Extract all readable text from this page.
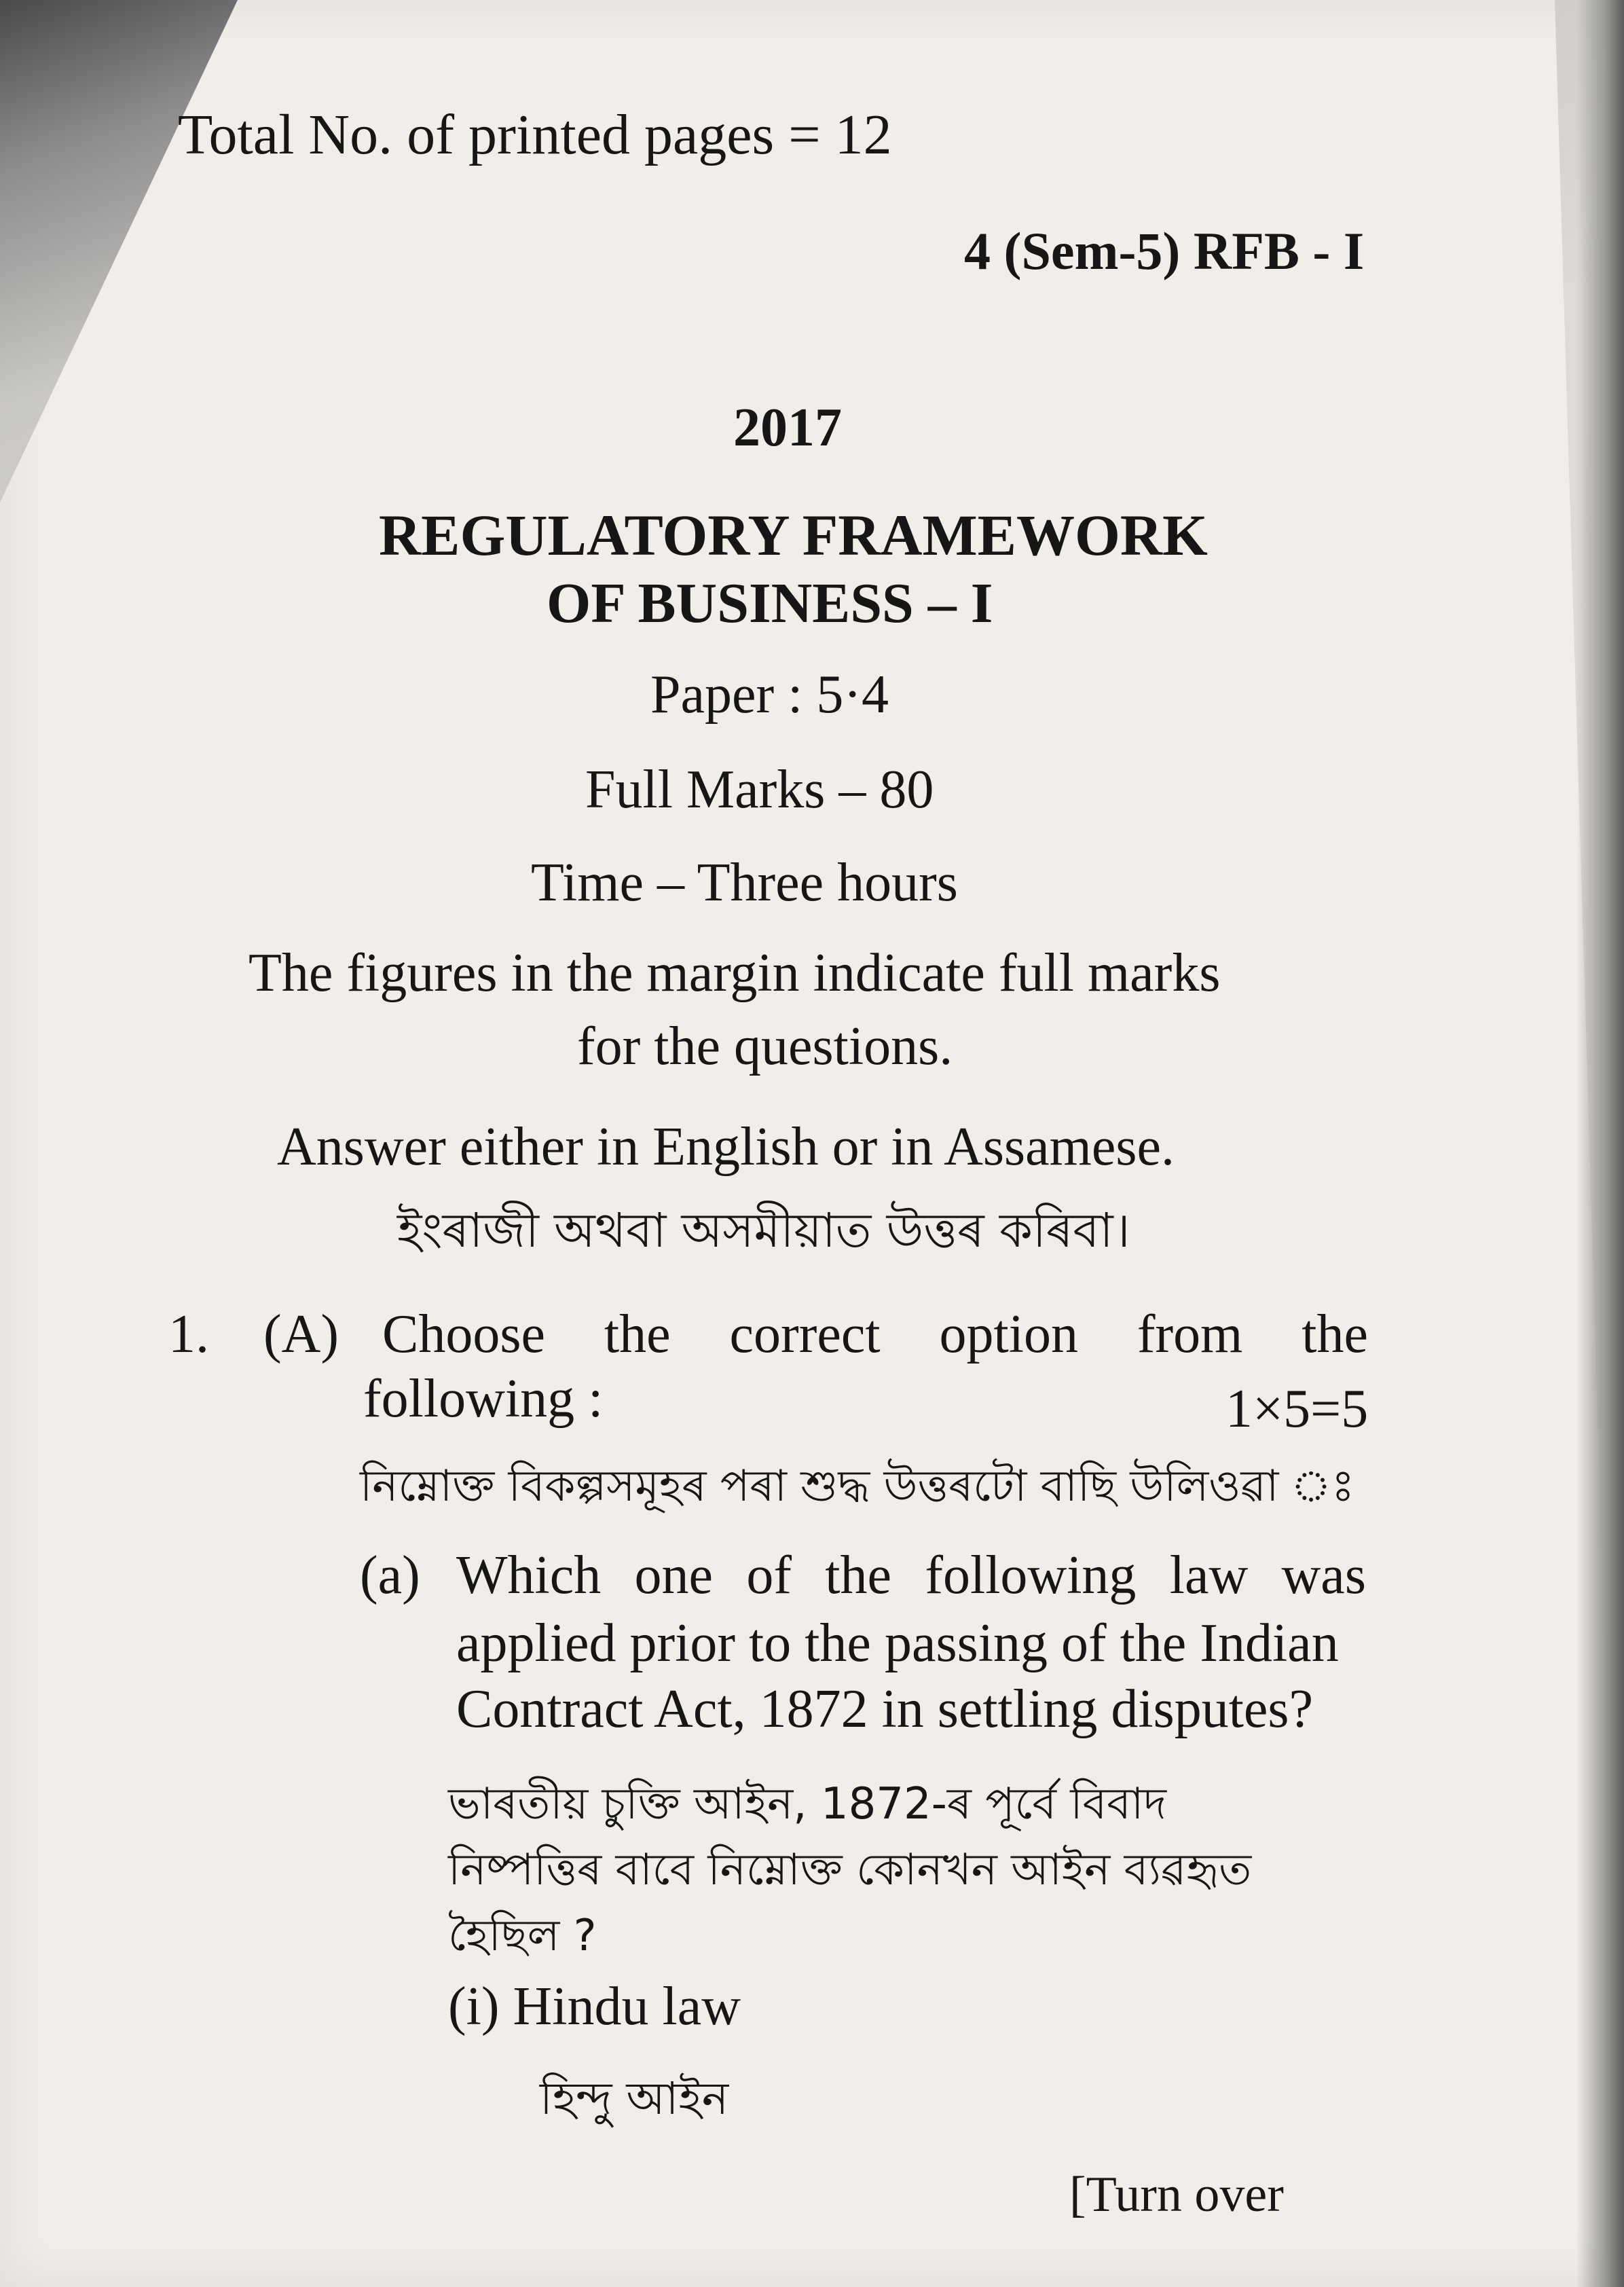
Total No. of printed pages = 12
4 (Sem-5) RFB - I
2017
REGULATORY FRAMEWORK
OF BUSINESS – I
Paper : 5·4
Full Marks – 80
Time – Three hours
The figures in the margin indicate full marks
for the questions.
Answer either in English or in Assamese.
ইংৰাজী অথবা অসমীয়াত উত্তৰ কৰিবা।
1. (A) Choose the correct option from the
following :	1×5=5
নিম্নোক্ত বিকল্পসমূহৰ পৰা শুদ্ধ উত্তৰটো বাছি উলিওৱা ঃ
(a) Which one of the following law was
applied prior to the passing of the Indian
Contract Act, 1872 in settling disputes?
ভাৰতীয় চুক্তি আইন, 1872-ৰ পূৰ্বে বিবাদ
নিষ্পত্তিৰ বাবে নিম্নোক্ত কোনখন আইন ব্যৱহৃত
হৈছিল ?
(i) Hindu law
হিন্দু আইন
[Turn over
